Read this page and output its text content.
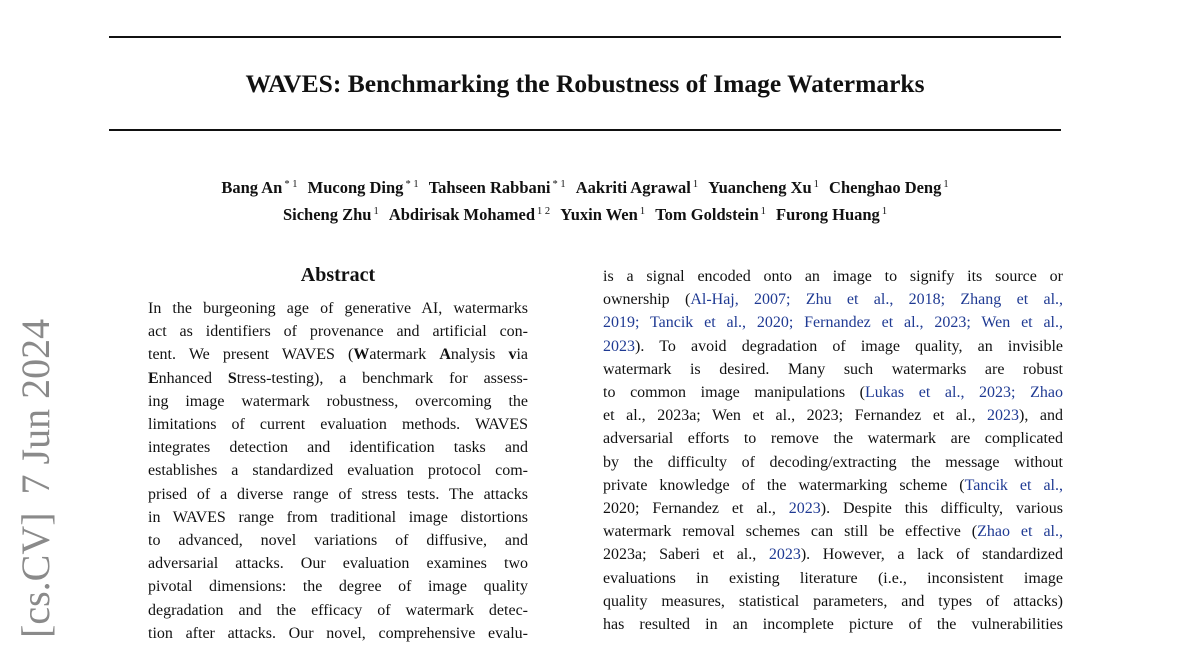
WAVES: Benchmarking the Robustness of Image Watermarks
Bang An $^{* 1}$ Mucong Ding $^{* 1}$ Tahseen Rabbani $^{* 1}$ Aakriti Agrawal $^1$ Yuancheng Xu $^1$ Chenghao Deng $^1$
Sicheng Zhu $^1$ Abdirisak Mohamed $^{1 2}$ Yuxin Wen $^1$ Tom Goldstein $^1$ Furong Huang $^1$
[cs.CV]7 Jun 2024
Abstract
In the burgeoning age of generative AI, watermarks
act as identifiers of provenance and artificial con-
tent. We present WAVES (Watermark Analysis via
Enhanced Stress-testing), a benchmark for assess-
ing image watermark robustness, overcoming the
limitations of current evaluation methods. WAVES
integrates detection and identification tasks and
establishes a standardized evaluation protocol com-
prised of a diverse range of stress tests. The attacks
in WAVES range from traditional image distortions
to advanced, novel variations of diffusive, and
adversarial attacks. Our evaluation examines two
pivotal dimensions: the degree of image quality
degradation and the efficacy of watermark detec-
tion after attacks. Our novel, comprehensive evalu-
is a signal encoded onto an image to signify its source or
ownership (Al-Haj, 2007; Zhu et al., 2018; Zhang et al.,
2019; Tancik et al., 2020; Fernandez et al., 2023; Wen et al.,
2023). To avoid degradation of image quality, an invisible
watermark is desired. Many such watermarks are robust
to common image manipulations (Lukas et al., 2023; Zhao
et al., 2023a; Wen et al., 2023; Fernandez et al., 2023), and
adversarial efforts to remove the watermark are complicated
by the difficulty of decoding/extracting the message without
private knowledge of the watermarking scheme (Tancik et al.,
2020; Fernandez et al., 2023). Despite this difficulty, various
watermark removal schemes can still be effective (Zhao et al.,
2023a; Saberi et al., 2023). However, a lack of standardized
evaluations in existing literature (i.e., inconsistent image
quality measures, statistical parameters, and types of attacks)
has resulted in an incomplete picture of the vulnerabilities
